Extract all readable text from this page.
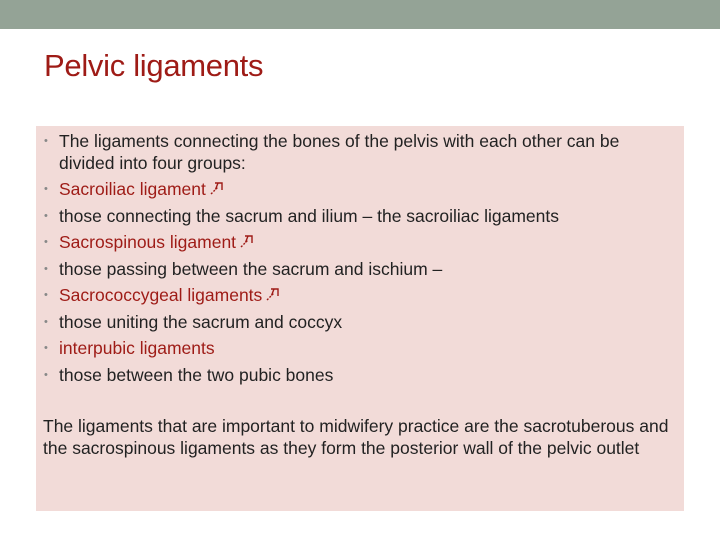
Pelvic ligaments
• The ligaments connecting the bones of the pelvis with each other can be divided into four groups:
• Sacroiliac ligament
• those connecting the sacrum and ilium – the sacroiliac ligaments
• Sacrospinous ligament
• those passing between the sacrum and ischium –
• Sacrococcygeal ligaments
• those uniting the sacrum and coccyx
• interpubic ligaments
• those between the two pubic bones

The ligaments that are important to midwifery practice are the sacrotuberous and the sacrospinous ligaments as they form the posterior wall of the pelvic outlet
